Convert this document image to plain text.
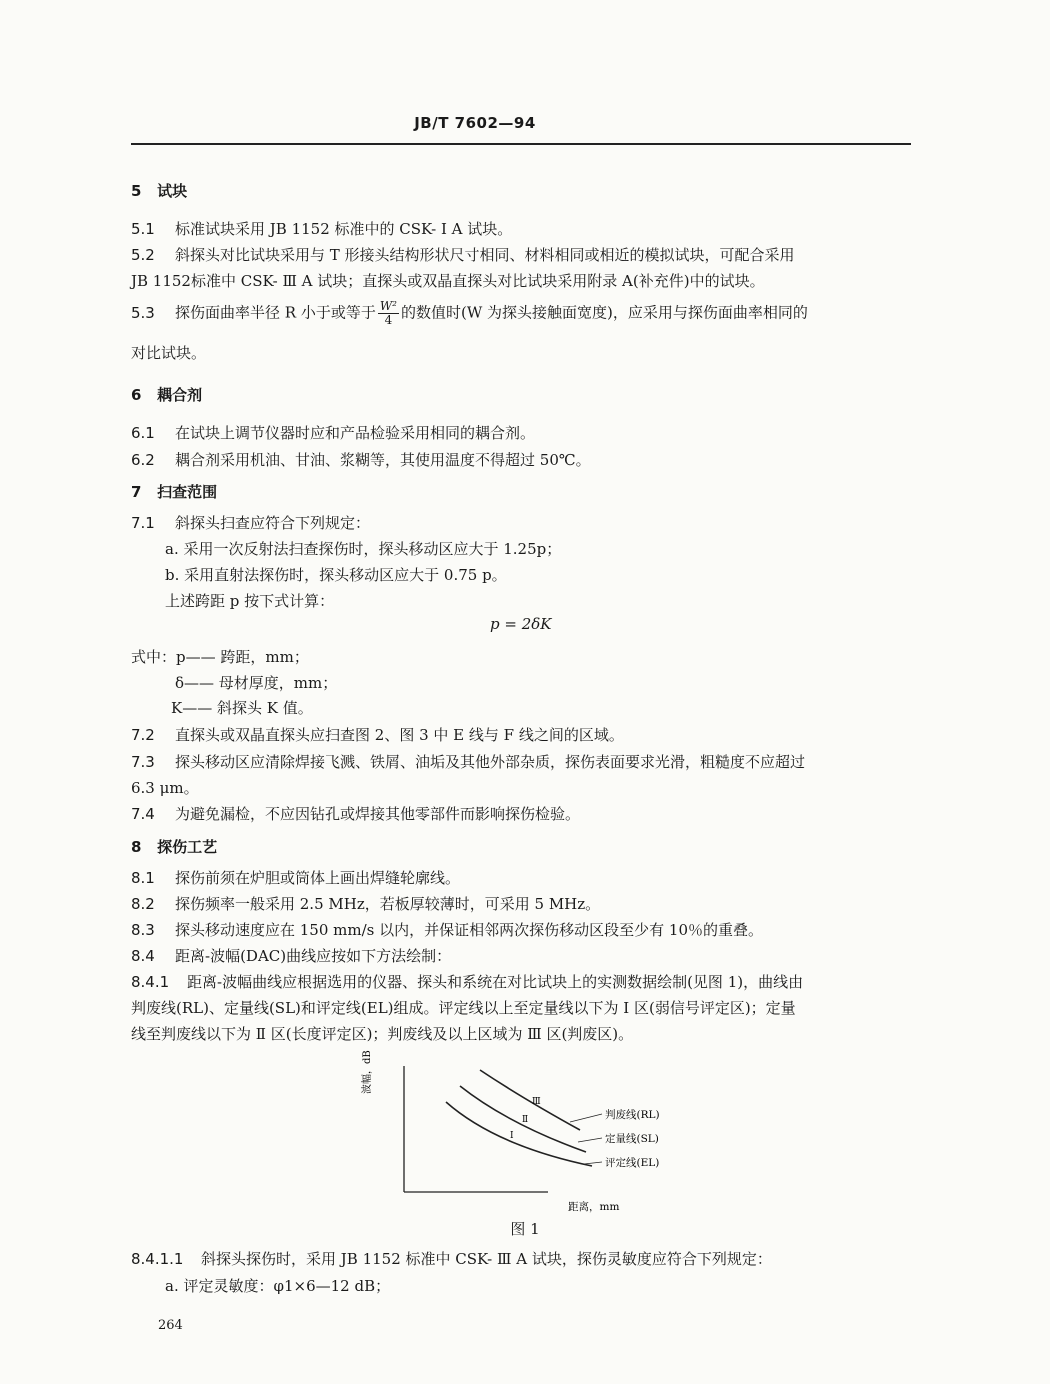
JB/T 7602—94
5 试块
5.1 标准试块采用 JB 1152 标准中的 CSK- Ⅰ A 试块。
5.2 斜探头对比试块采用与 T 形接头结构形状尺寸相同、材料相同或相近的模拟试块，可配合采用
JB 1152标准中 CSK- Ⅲ A 试块；直探头或双晶直探头对比试块采用附录 A(补充件)中的试块。
5.3 探伤面曲率半径 R 小于或等于 $\frac{\text{W²}}{4}$ 的数值时(W 为探头接触面宽度)，应采用与探伤面曲率相同的
对比试块。
6 耦合剂
6.1 在试块上调节仪器时应和产品检验采用相同的耦合剂。
6.2 耦合剂采用机油、甘油、浆糊等，其使用温度不得超过 50℃。
7 扫查范围
7.1 斜探头扫查应符合下列规定：
a. 采用一次反射法扫查探伤时，探头移动区应大于 1.25p；
b. 采用直射法探伤时，探头移动区应大于 0.75 p。
上述跨距 p 按下式计算：
p = 2δK
式中：p—— 跨距，mm；
δ—— 母材厚度，mm；
K—— 斜探头 K 值。
7.2 直探头或双晶直探头应扫查图 2、图 3 中 E 线与 F 线之间的区域。
7.3 探头移动区应清除焊接飞溅、铁屑、油垢及其他外部杂质，探伤表面要求光滑，粗糙度不应超过
6.3 μm。
7.4 为避免漏检，不应因钻孔或焊接其他零部件而影响探伤检验。
8 探伤工艺
8.1 探伤前须在炉胆或筒体上画出焊缝轮廓线。
8.2 探伤频率一般采用 2.5 MHz，若板厚较薄时，可采用 5 MHz。
8.3 探头移动速度应在 150 mm/s 以内，并保证相邻两次探伤移动区段至少有 10％的重叠。
8.4 距离-波幅(DAC)曲线应按如下方法绘制：
8.4.1 距离-波幅曲线应根据选用的仪器、探头和系统在对比试块上的实测数据绘制(见图 1)，曲线由
判废线(RL)、定量线(SL)和评定线(EL)组成。评定线以上至定量线以下为 Ⅰ 区(弱信号评定区)；定量
线至判废线以下为 Ⅱ 区(长度评定区)；判废线及以上区域为 Ⅲ 区(判废区)。
波幅，dB
Ⅲ
Ⅱ
Ⅰ
判废线(RL)
定量线(SL)
评定线(EL)
距离，mm
图 1
8.4.1.1 斜探头探伤时，采用 JB 1152 标准中 CSK- Ⅲ A 试块，探伤灵敏度应符合下列规定：
a. 评定灵敏度：φ1×6—12 dB；
264
